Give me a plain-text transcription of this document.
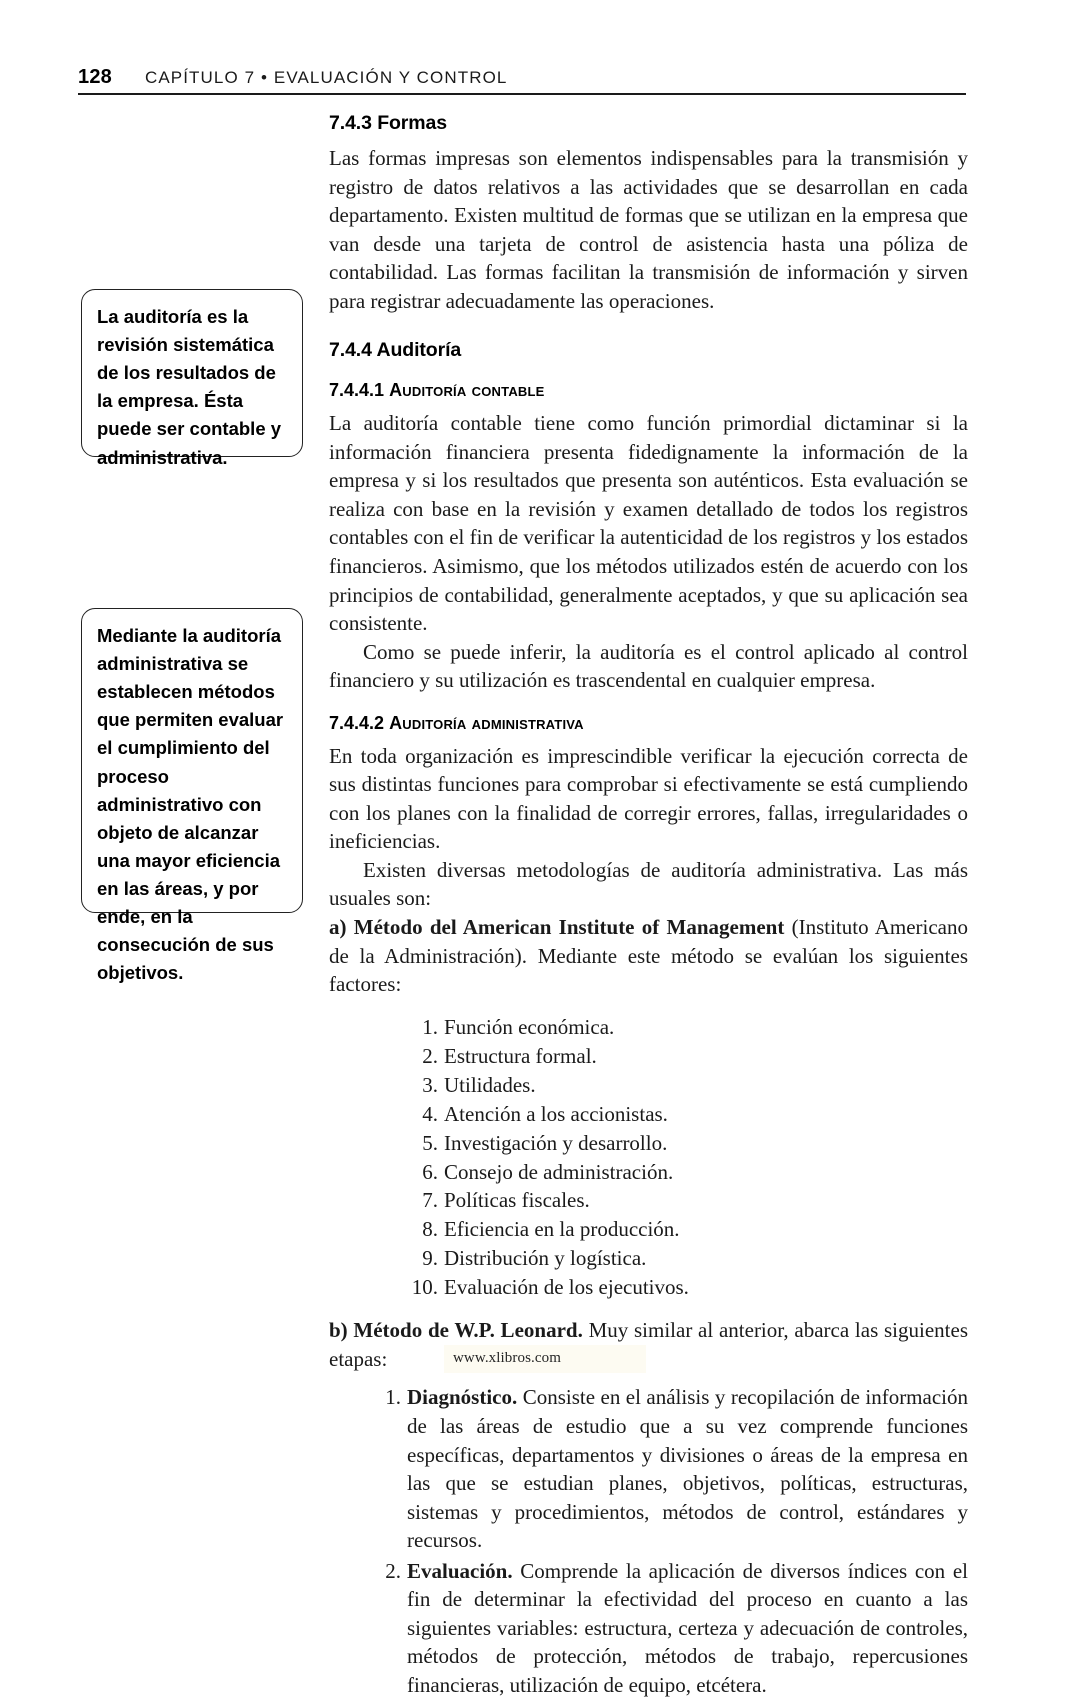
128 CAPÍTULO 7 • EVALUACIÓN Y CONTROL
La auditoría es la revisión sistemática de los resultados de la empresa. Ésta puede ser contable y administrativa.
Mediante la auditoría administrativa se establecen métodos que permiten evaluar el cumplimiento del proceso administrativo con objeto de alcanzar una mayor eficiencia en las áreas, y por ende, en la consecución de sus objetivos.
7.4.3 Formas

Las formas impresas son elementos indispensables para la transmisión y registro de datos relativos a las actividades que se desarrollan en cada departamento. Existen multitud de formas que se utilizan en la empresa que van desde una tarjeta de control de asistencia hasta una póliza de contabilidad. Las formas facilitan la transmisión de información y sirven para registrar adecuadamente las operaciones.

7.4.4 Auditoría
7.4.4.1 Auditoría contable

La auditoría contable tiene como función primordial dictaminar si la información financiera presenta fidedignamente la información de la empresa y si los resultados que presenta son auténticos. Esta evaluación se realiza con base en la revisión y examen detallado de todos los registros contables con el fin de verificar la autenticidad de los registros y los estados financieros. Asimismo, que los métodos utilizados estén de acuerdo con los principios de contabilidad, generalmente aceptados, y que su aplicación sea consistente.

Como se puede inferir, la auditoría es el control aplicado al control financiero y su utilización es trascendental en cualquier empresa.

7.4.4.2 Auditoría administrativa

En toda organización es imprescindible verificar la ejecución correcta de sus distintas funciones para comprobar si efectivamente se está cumpliendo con los planes con la finalidad de corregir errores, fallas, irregularidades o ineficiencias.

Existen diversas metodologías de auditoría administrativa. Las más usuales son:

a) Método del American Institute of Management (Instituto Americano de la Administración). Mediante este método se evalúan los siguientes factores:

Función económica.
Estructura formal.
Utilidades.
Atención a los accionistas.
Investigación y desarrollo.
Consejo de administración.
Políticas fiscales.
Eficiencia en la producción.
Distribución y logística.
Evaluación de los ejecutivos.

b) Método de W.P. Leonard. Muy similar al anterior, abarca las siguientes etapas:

Diagnóstico. Consiste en el análisis y recopilación de información de las áreas de estudio que a su vez comprende funciones específicas, departamentos y divisiones o áreas de la empresa en las que se estudian planes, objetivos, políticas, estructuras, sistemas y procedimientos, métodos de control, estándares y recursos.
Evaluación. Comprende la aplicación de diversos índices con el fin de determinar la efectividad del proceso en cuanto a las siguientes variables: estructura, certeza y adecuación de controles, métodos de protección, métodos de trabajo, repercusiones financieras, utilización de equipo, etcétera.
www.xlibros.com
